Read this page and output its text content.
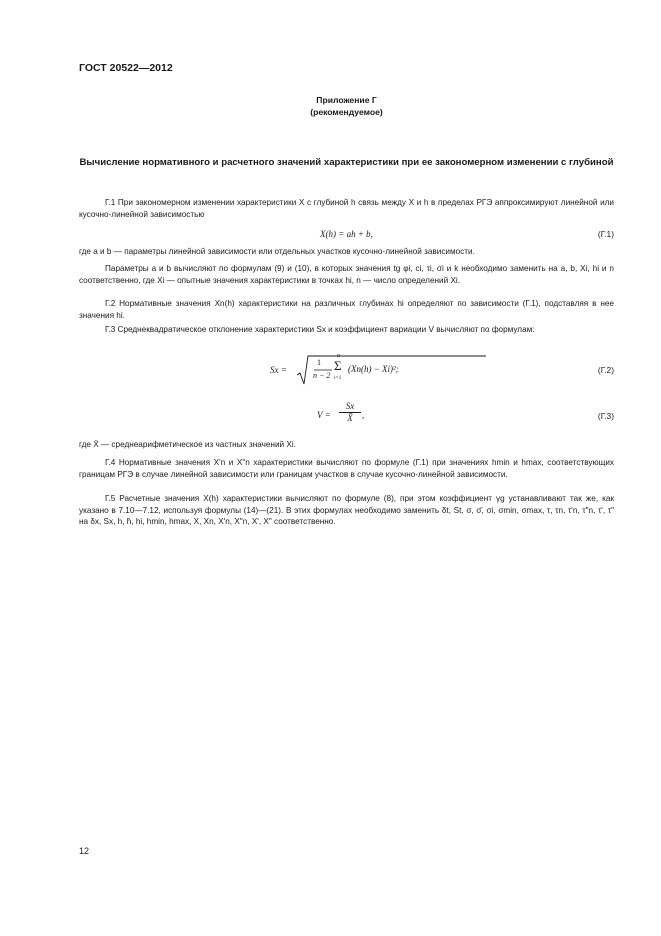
ГОСТ 20522—2012
Приложение Г
(рекомендуемое)
Вычисление нормативного и расчетного значений характеристики при ее закономерном изменении с глубиной
Г.1 При закономерном изменении характеристики X с глубиной h связь между X и h в пределах РГЭ аппроксимируют линейной или кусочно-линейной зависимостью
X(h) = ah + b,	(Г.1)
где a и b — параметры линейной зависимости или отдельных участков кусочно-линейной зависимости.
Параметры a и b вычисляют по формулам (9) и (10), в которых значения tg φi, ci, τi, σi и k необходимо заменить на a, b, Xi, hi и n соответственно, где Xi — опытные значения характеристики в точках hi, n — число определений Xi.
Г.2 Нормативные значения Xn(h) характеристики на различных глубинах hi определяют по зависимости (Г.1), подставляя в нее значения hi.
Г.3 Среднеквадратическое отклонение характеристики Sx и коэффициент вариации V вычисляют по формулам:
Sx =
1
n − 2
n
Σ
i=1
(Xn(h) − Xi)²;	(Г.2)
V =
Sx
X̄	,	(Г.3)
где X̄ — среднеарифметическое из частных значений Xi.
Г.4 Нормативные значения X'n и X"n характеристики вычисляют по формуле (Г.1) при значениях hmin и hmax, соответствующих границам РГЭ в случае линейной зависимости или границам участков в случае кусочно-линейной зависимости.
Г.5 Расчетные значения X(h) характеристики вычисляют по формуле (8), при этом коэффициент γg устанавливают так же, как указано в 7.10—7.12, используя формулы (14)—(21). В этих формулах необходимо заменить δt, St, σ, σ̄, σi, σmin, σmax, τ, τn, τ'n, τ"n, τ', τ" на δx, Sx, h, h̄, hi, hmin, hmax, X, Xn, X'n, X"n, X', X" соответственно.
12
